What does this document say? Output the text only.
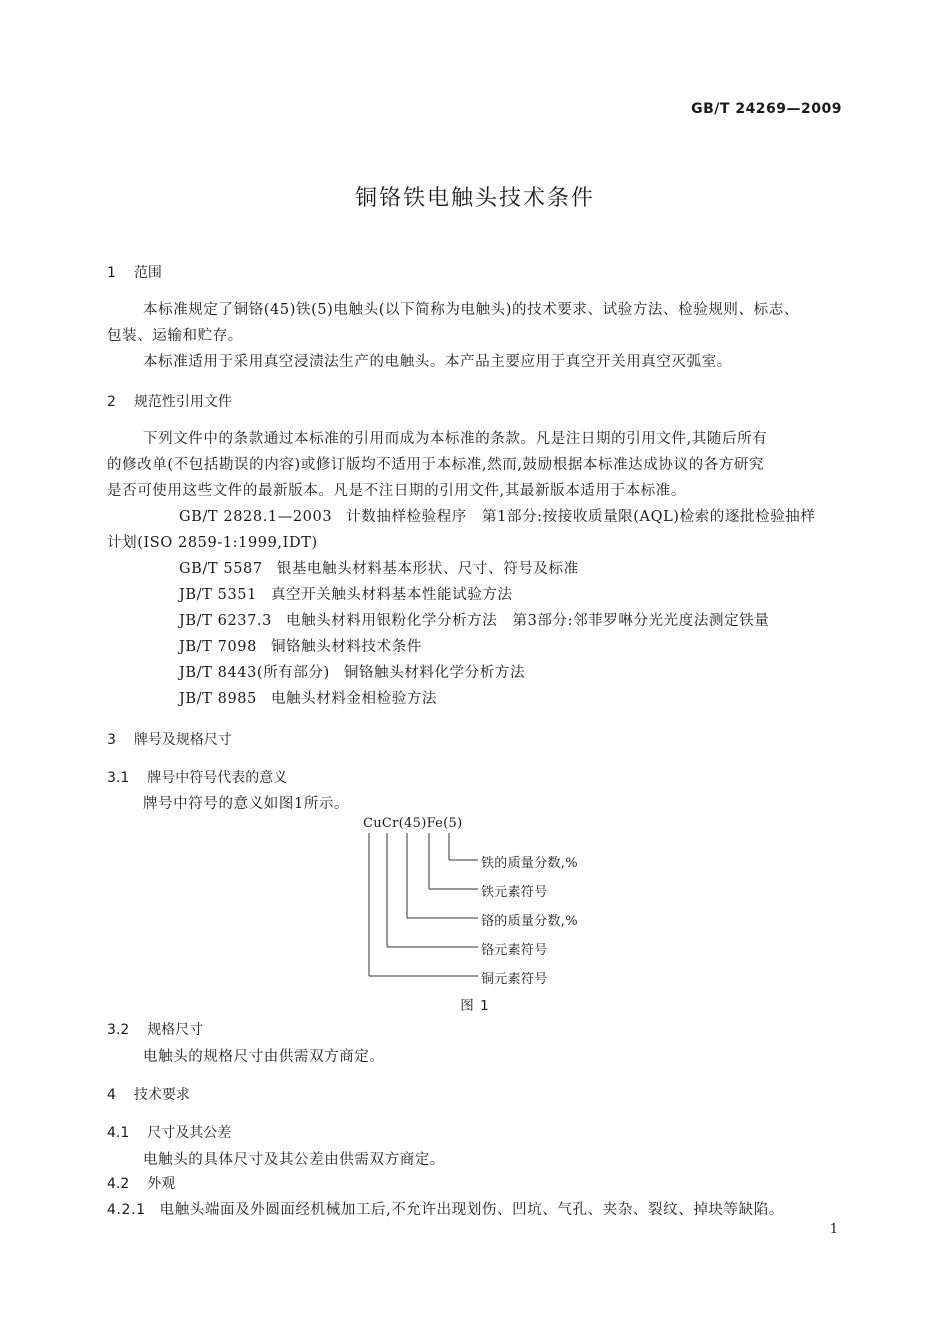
GB/T 24269—2009
铜铬铁电触头技术条件
1 范围
本标准规定了铜铬(45)铁(5)电触头(以下简称为电触头)的技术要求、试验方法、检验规则、标志、
包装、运输和贮存。
本标准适用于采用真空浸渍法生产的电触头。本产品主要应用于真空开关用真空灭弧室。
2 规范性引用文件
下列文件中的条款通过本标准的引用而成为本标准的条款。凡是注日期的引用文件,其随后所有
的修改单(不包括勘误的内容)或修订版均不适用于本标准,然而,鼓励根据本标准达成协议的各方研究
是否可使用这些文件的最新版本。凡是不注日期的引用文件,其最新版本适用于本标准。
GB/T 2828.1—2003 计数抽样检验程序　第1部分:按接收质量限(AQL)检索的逐批检验抽样
计划(ISO 2859-1:1999,IDT)
GB/T 5587 银基电触头材料基本形状、尺寸、符号及标准
JB/T 5351 真空开关触头材料基本性能试验方法
JB/T 6237.3 电触头材料用银粉化学分析方法　第3部分:邻菲罗啉分光光度法测定铁量
JB/T 7098 铜铬触头材料技术条件
JB/T 8443(所有部分) 铜铬触头材料化学分析方法
JB/T 8985 电触头材料金相检验方法
3 牌号及规格尺寸
3.1 牌号中符号代表的意义
牌号中符号的意义如图1所示。
CuCr(45)Fe(5)
铁的质量分数,%
铁元素符号
铬的质量分数,%
铬元素符号
铜元素符号
图 1
3.2 规格尺寸
电触头的规格尺寸由供需双方商定。
4 技术要求
4.1 尺寸及其公差
电触头的具体尺寸及其公差由供需双方商定。
4.2 外观
4.2.1 电触头端面及外圆面经机械加工后,不允许出现划伤、凹坑、气孔、夹杂、裂纹、掉块等缺陷。
1
